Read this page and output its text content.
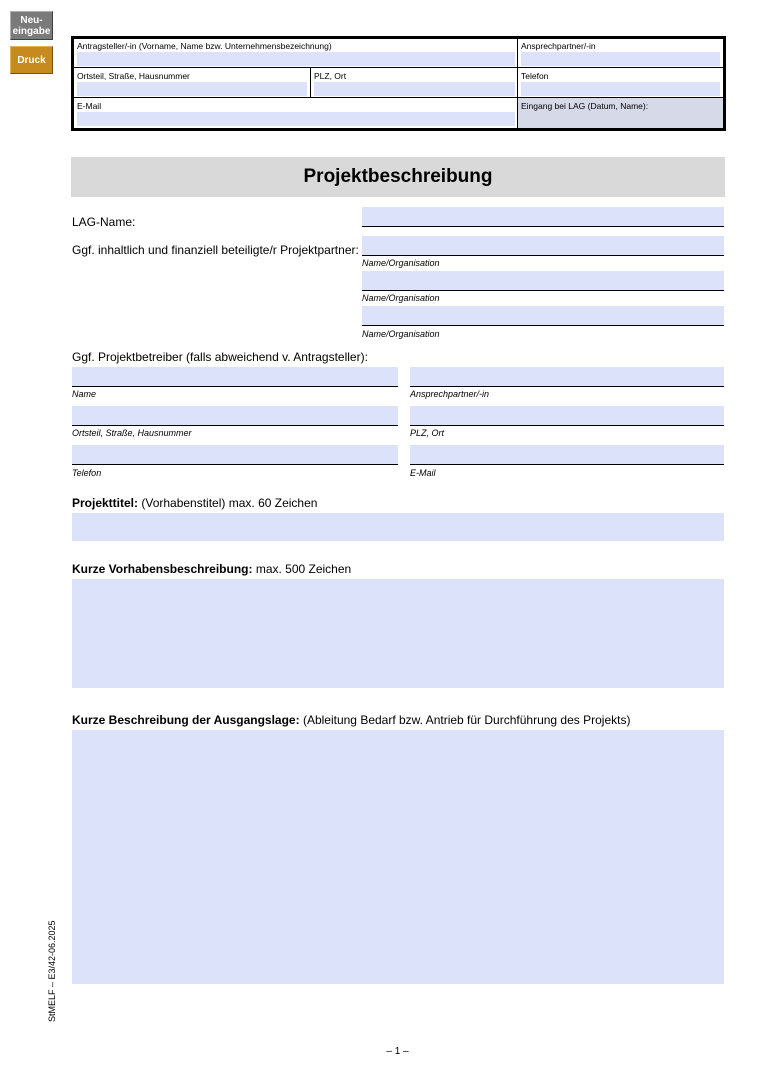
Neu-
eingabe
Druck
Antragsteller/-in (Vorname, Name bzw. Unternehmensbezeichnung)	Ansprechpartner/-in
Ortsteil, Straße, Hausnummer	PLZ, Ort	Telefon
E-Mail	Eingang bei LAG (Datum, Name):
Projektbeschreibung
LAG-Name:
Ggf. inhaltlich und finanziell beteiligte/r Projektpartner:
Name/Organisation
Name/Organisation
Name/Organisation
Ggf. Projektbetreiber (falls abweichend v. Antragsteller):
Name	Ansprechpartner/-in
Ortsteil, Straße, Hausnummer	PLZ, Ort
Telefon	E-Mail
Projekttitel: (Vorhabenstitel) max. 60 Zeichen
Kurze Vorhabensbeschreibung: max. 500 Zeichen
Kurze Beschreibung der Ausgangslage: (Ableitung Bedarf bzw. Antrieb für Durchführung des Projekts)
StMELF – E3/42-06.2025
– 1 –
